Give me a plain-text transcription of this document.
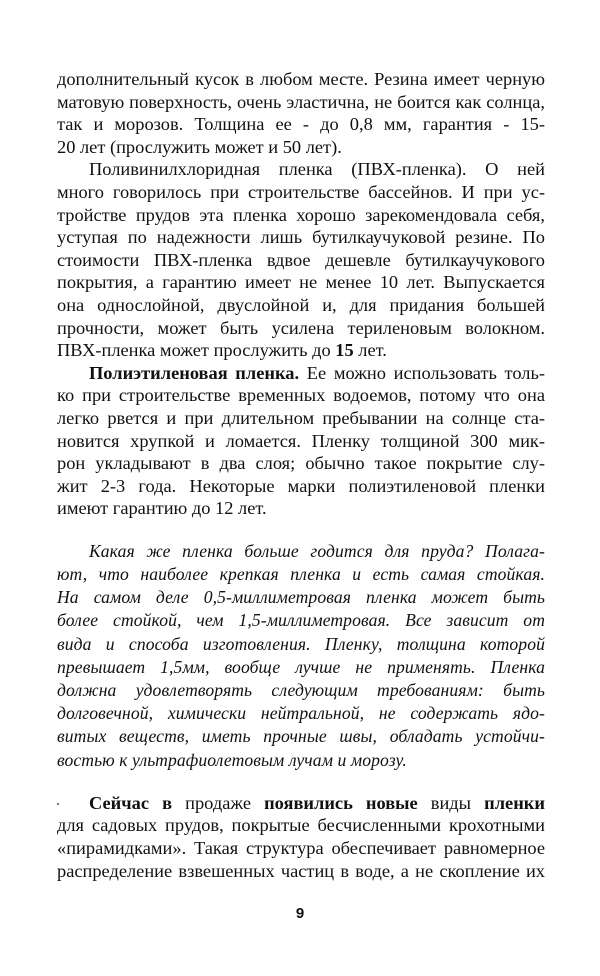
дополнительный кусок в любом месте. Резина имеет черную
матовую поверхность, очень эластична, не боится как солнца,
так и морозов. Толщина ее - до 0,8 мм, гарантия - 15-
20 лет (прослужить может и 50 лет).
Поливинилхлоридная пленка (ПВХ-пленка). О ней
много говорилось при строительстве бассейнов. И при ус-
тройстве прудов эта пленка хорошо зарекомендовала себя,
уступая по надежности лишь бутилкаучуковой резине. По
стоимости ПВХ-пленка вдвое дешевле бутилкаучукового
покрытия, а гарантию имеет не менее 10 лет. Выпускается
она однослойной, двуслойной и, для придания большей
прочности, может быть усилена териленовым волокном.
ПВХ-пленка может прослужить до 15 лет.
Полиэтиленовая пленка. Ее можно использовать толь-
ко при строительстве временных водоемов, потому что она
легко рвется и при длительном пребывании на солнце ста-
новится хрупкой и ломается. Пленку толщиной 300 мик-
рон укладывают в два слоя; обычно такое покрытие слу-
жит 2-3 года. Некоторые марки полиэтиленовой пленки
имеют гарантию до 12 лет.
Какая же пленка больше годится для пруда? Полага-
ют, что наиболее крепкая пленка и есть самая стойкая.
На самом деле 0,5-миллиметровая пленка может быть
более стойкой, чем 1,5-миллиметровая. Все зависит от
вида и способа изготовления. Пленку, толщина которой
превышает 1,5мм, вообще лучше не применять. Пленка
должна удовлетворять следующим требованиям: быть
долговечной, химически нейтральной, не содержать ядо-
витых веществ, иметь прочные швы, обладать устойчи-
востью к ультрафиолетовым лучам и морозу.
Сейчас в продаже появились новые виды пленки
для садовых прудов, покрытые бесчисленными крохотными
«пирамидками». Такая структура обеспечивает равномерное
распределение взвешенных частиц в воде, а не скопление их
9
